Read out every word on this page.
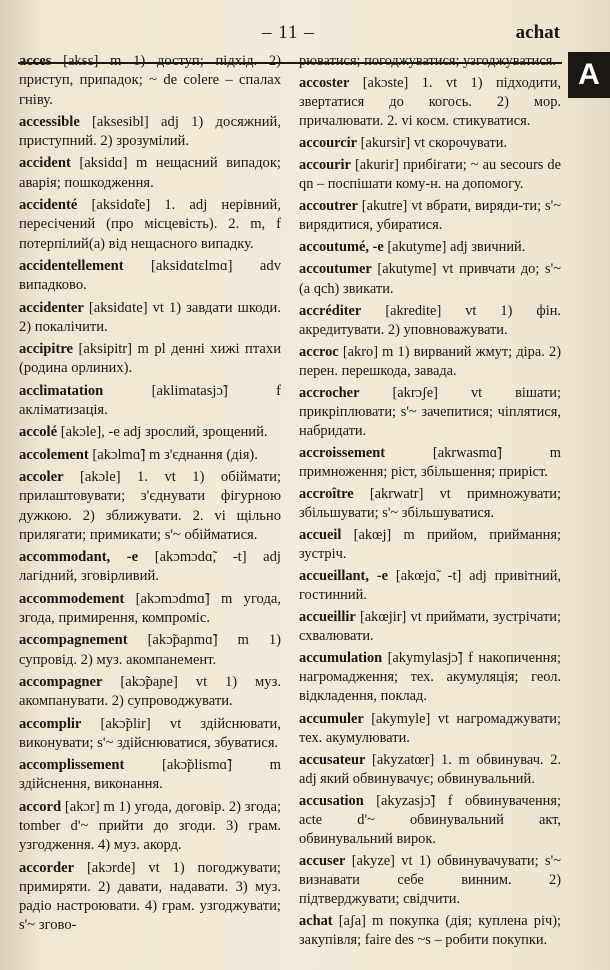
– 11 –	achat
A

acces [aksɛ] m 1) доступ; підхід. 2) приступ, припадок; ~ de colere – спалах гніву.

accessible [aksesibl] adj 1) досяжний, приступний. 2) зрозумілий.

accident [aksidɑ] m нещасний випадок; аварія; пошкодження.

accidenté [aksidɑ̃te] 1. adj нерівний, пересічений (про місцевість). 2. m, f потерпілий(а) від нещасного випадку.

accidentellement [aksidɑtɛlmɑ] adv випадково.

accidenter [aksidɑte] vt 1) завдати шкоди. 2) покалічити.

accipitre [aksipitr] m pl денні хижі птахи (родина орлиних).

acclimatation [aklimatasjɔ̃] f акліматизація.

accolé [akɔle], -e adj зрослий, зрощений.

accolement [akɔlmɑ̃] m з'єднання (дія).

accoler [akɔle] 1. vt 1) обіймати; прилаштовувати; з'єднувати фігурною дужкою. 2) зближувати. 2. vi щільно прилягати; примикати; s'~ обійматися.

accommodant, -e [akɔmɔdɑ̃, -t] adj лагідний, зговірливий.

accommodement [akɔmɔdmɑ̃] m угода, згода, примирення, компроміс.

accompagnement [akɔ̃paɲmɑ̃] m 1) супровід. 2) муз. акомпанемент.

accompagner [akɔ̃paɲe] vt 1) муз. акомпанувати. 2) супроводжувати.

accomplir [akɔ̃plir] vt здійснювати, виконувати; s'~ здійснюватися, збуватися.

accomplissement [akɔ̃plismɑ̃] m здійснення, виконання.

accord [akɔr] m 1) угода, договір. 2) згода; tomber d'~ прийти до згоди. 3) грам. узгодження. 4) муз. акорд.

accorder [akɔrde] vt 1) погоджувати; примиряти. 2) давати, надавати. 3) муз. радіо настроювати. 4) грам. узгоджувати; s'~ згово-

рюватися; погоджуватися; узгоджуватися.

accoster [akɔste] 1. vt 1) підходити, звертатися до когось. 2) мор. причалювати. 2. vi косм. стикуватися.

accourcir [akursir] vt скорочувати.

accourir [akurir] прибігати; ~ au secours de qn – поспішати кому-н. на допомогу.

accoutrer [akutre] vt вбрати, виряди-ти; s'~ вирядитися, убиратися.

accoutumé, -e [akutyme] adj звичний.

accoutumer [akutyme] vt привчати до; s'~ (a qch) звикати.

accréditer [akredite] vt 1) фін. акредитувати. 2) уповноважувати.

accroc [akro] m 1) вирваний жмут; діра. 2) перен. перешкода, завада.

accrocher [akrɔʃe] vt вішати; прикріплювати; s'~ зачепитися; чіплятися, набридати.

accroissement [akrwasmɑ̃] m примноження; ріст, збільшення; приріст.

accroître [akrwatr] vt примножувати; збільшувати; s'~ збільшуватися.

accueil [akœj] m прийом, приймання; зустріч.

accueillant, -e [akœjɑ̃, -t] adj привітний, гостинний.

accueillir [akœjir] vt приймати, зустрічати; схвалювати.

accumulation [akymylasjɔ̃] f накопичення; нагромадження; тех. акумуляція; геол. відкладення, поклад.

accumuler [akymyle] vt нагромаджувати; тех. акумулювати.

accusateur [akyzatœr] 1. m обвинувач. 2. adj який обвинувачує; обвинувальний.

accusation [akyzasjɔ̃] f обвинувачення; acte d'~ обвинувальний акт, обвинувальний вирок.

accuser [akyze] vt 1) обвинувачувати; s'~ визнавати себе винним. 2) підтверджувати; свідчити.

achat [aʃa] m покупка (дія; куплена річ); закупівля; faire des ~s – робити покупки.
